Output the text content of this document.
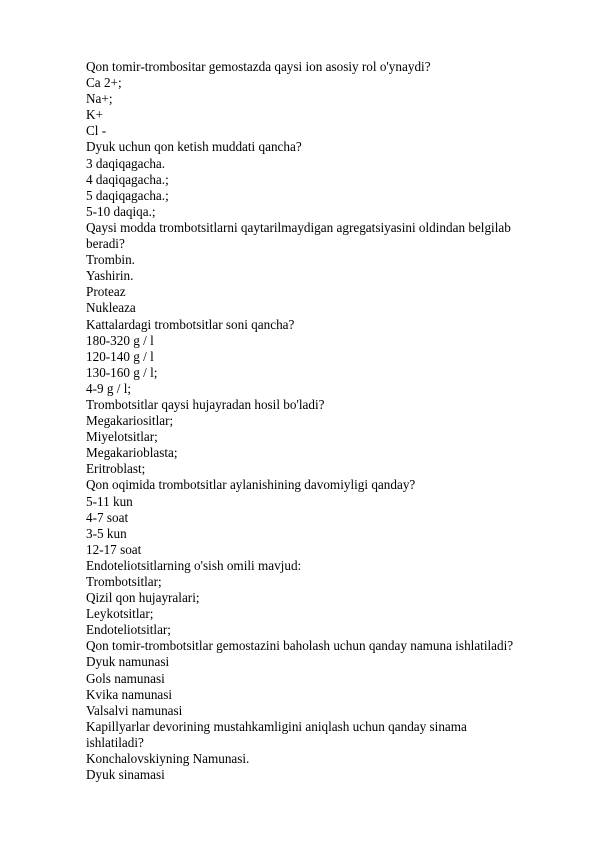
Qon tomir-trombositar gemostazda qaysi ion asosiy rol o'ynaydi?

Ca 2+;

Na+;

K+

Cl -

Dyuk uchun qon ketish muddati qancha?

3 daqiqagacha.

4 daqiqagacha.;

5 daqiqagacha.;

5-10 daqiqa.;

Qaysi modda trombotsitlarni qaytarilmaydigan agregatsiyasini oldindan belgilab

beradi?

Trombin.

Yashirin.

Proteaz

Nukleaza

Kattalardagi trombotsitlar soni qancha?

180-320 g / l

120-140 g / l

130-160 g / l;

4-9 g / l;

Trombotsitlar qaysi hujayradan hosil bo'ladi?

Megakariositlar;

Miyelotsitlar;

Megakarioblasta;

Eritroblast;

Qon oqimida trombotsitlar aylanishining davomiyligi qanday?

5-11 kun

4-7 soat

3-5 kun

12-17 soat

Endoteliotsitlarning o'sish omili mavjud:

Trombotsitlar;

Qizil qon hujayralari;

Leykotsitlar;

Endoteliotsitlar;

Qon tomir-trombotsitlar gemostazini baholash uchun qanday namuna ishlatiladi?

Dyuk namunasi

Gols namunasi

Kvika namunasi

Valsalvi namunasi

Kapillyarlar devorining mustahkamligini aniqlash uchun qanday sinama

ishlatiladi?

Konchalovskiyning Namunasi.

Dyuk sinamasi
